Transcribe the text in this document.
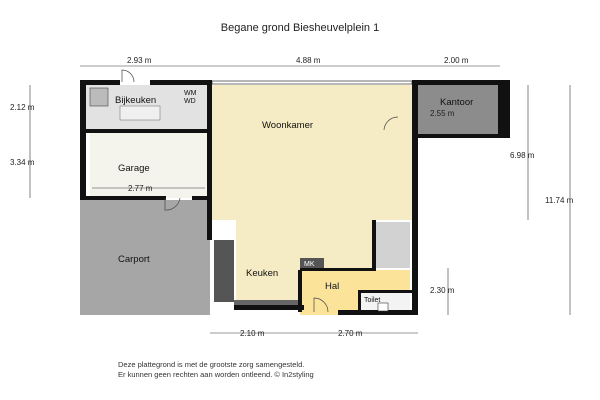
Begane grond Biesheuvelplein 1
Bijkeuken
WM
WD
Woonkamer
Kantoor
2.55 m
Garage
2.77 m
Carport
Keuken
MK
Hal
Toilet
2.93 m	4.88 m	2.00 m
2.12 m
3.34 m
6.98 m
11.74 m
2.30 m
2.10 m	2.70 m
Deze plattegrond is met de grootste zorg samengesteld.
Er kunnen geen rechten aan worden ontleend. © In2styling
